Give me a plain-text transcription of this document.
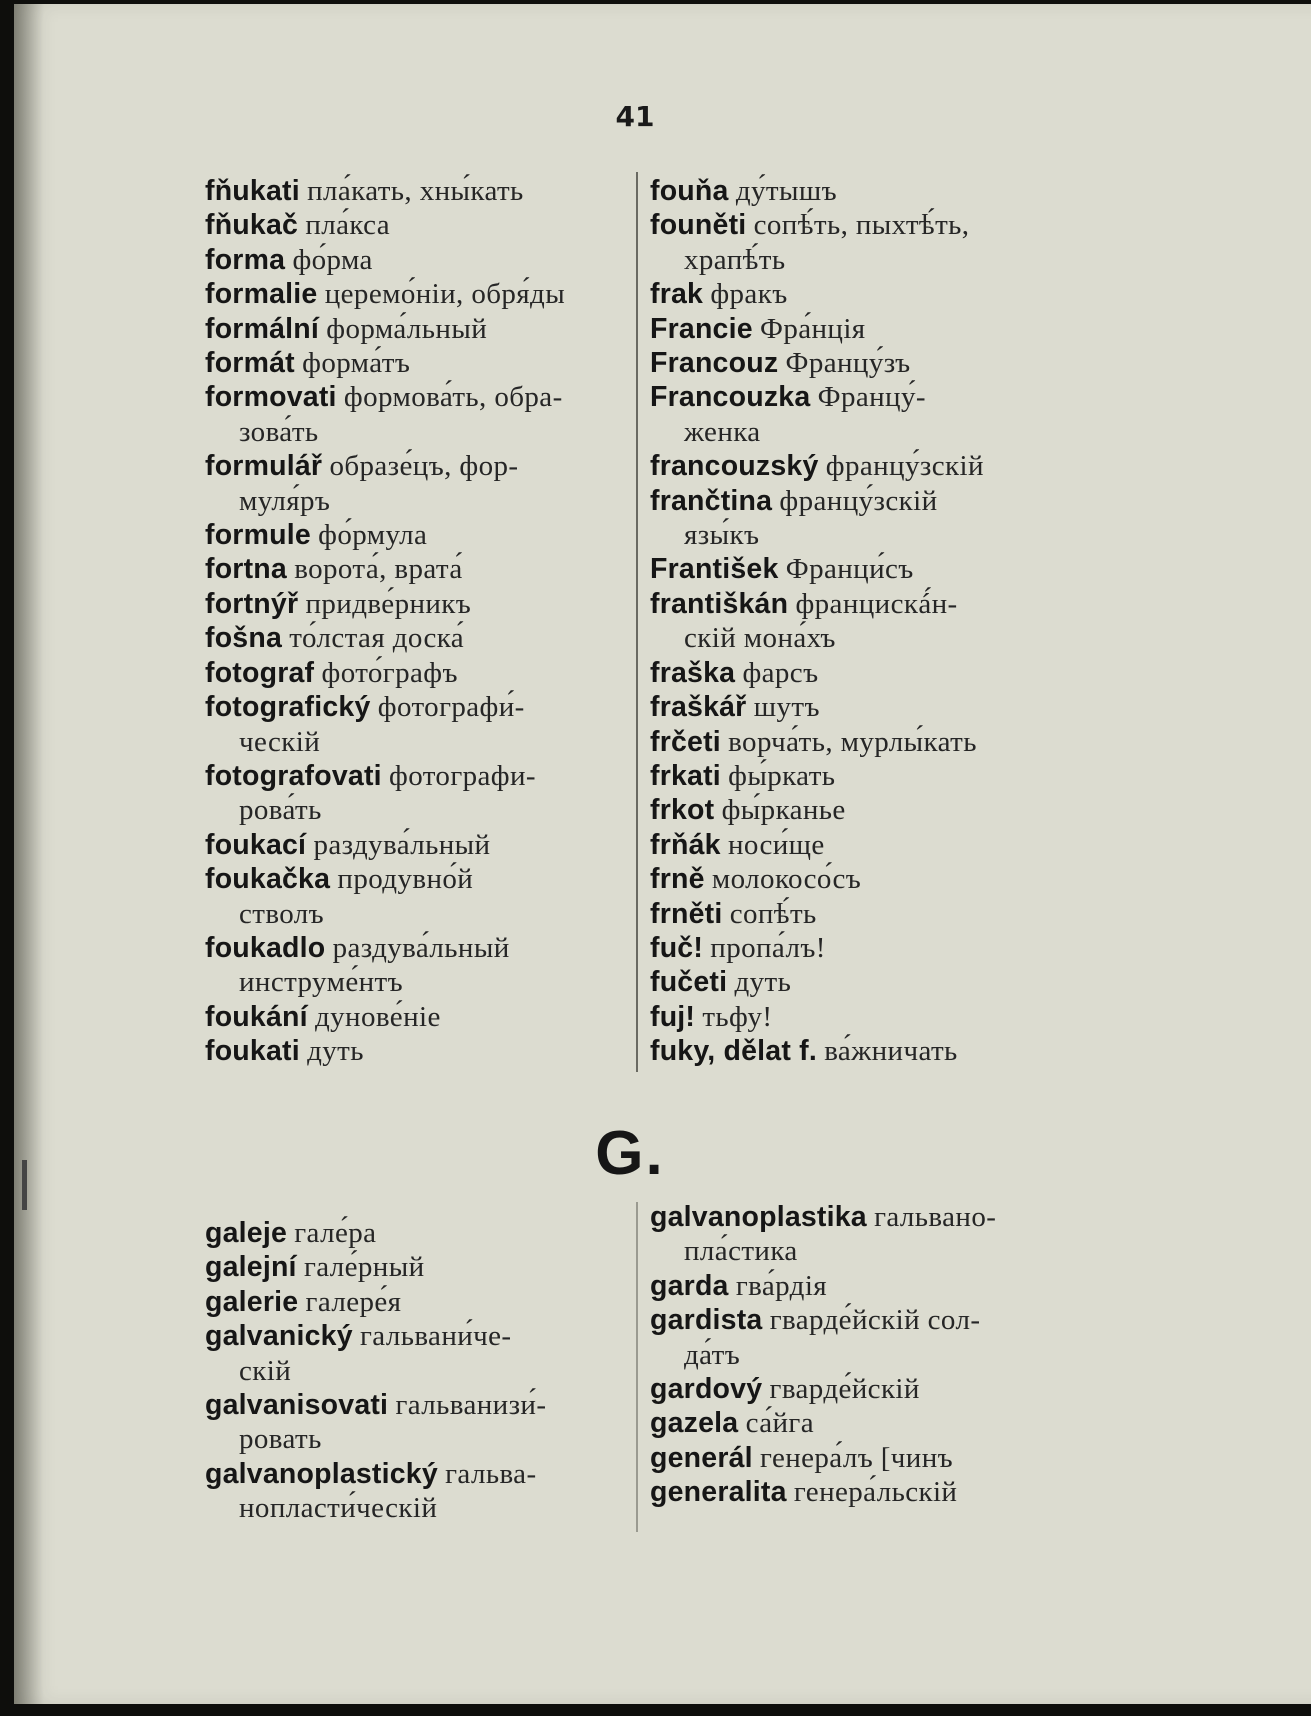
41
fňukati пла́кать, хны́кать
fňukač пла́кса
forma фо́рма
formalie церемо́нiи, обря́ды
formální форма́льный
formát форма́тъ
formovati формова́ть, обра-
зова́ть
formulář образе́цъ, фор-
муля́ръ
formule фо́рмула
fortna ворота́, врата́
fortnýř придве́рникъ
fošna то́лстая доска́
fotograf фото́графъ
fotografický фотографи́-
ческiй
fotografovati фотографи-
рова́ть
foukací раздува́льный
foukačka продувно́й
стволъ
foukadlo раздува́льный
инструме́нтъ
foukání дунове́нiе
foukati дуть
fouňa ду́тышъ
founěti сопѣ́ть, пыхтѣ́ть,
храпѣ́ть
frak фракъ
Francie Фра́нцiя
Francouz Францу́зъ
Francouzka Францу́-
женка
francouzský францу́зскiй
frančtina францу́зскiй
язы́къ
František Франци́съ
františkán францискá́н-
скiй мона́хъ
fraška фарсъ
fraškář шутъ
frčeti ворча́ть, мурлы́кать
frkati фы́ркать
frkot фы́рканье
frňák носи́ще
frně молокосо́съ
frněti сопѣ́ть
fuč! пропа́лъ!
fučeti дуть
fuj! тьфу!
fuky, dělat f. ва́жничать
G.
galeje гале́ра
galejní гале́рный
galerie галере́я
galvanický гальвани́че-
скiй
galvanisovati гальванизи́-
ровать
galvanoplastický гальва-
нопласти́ческiй
galvanoplastika гальвано-
пла́стика
garda гва́рдiя
gardista гварде́йскiй сол-
да́тъ
gardový гварде́йскiй
gazela са́йга
generál генера́лъ [чинъ
generalita генера́льскiй
